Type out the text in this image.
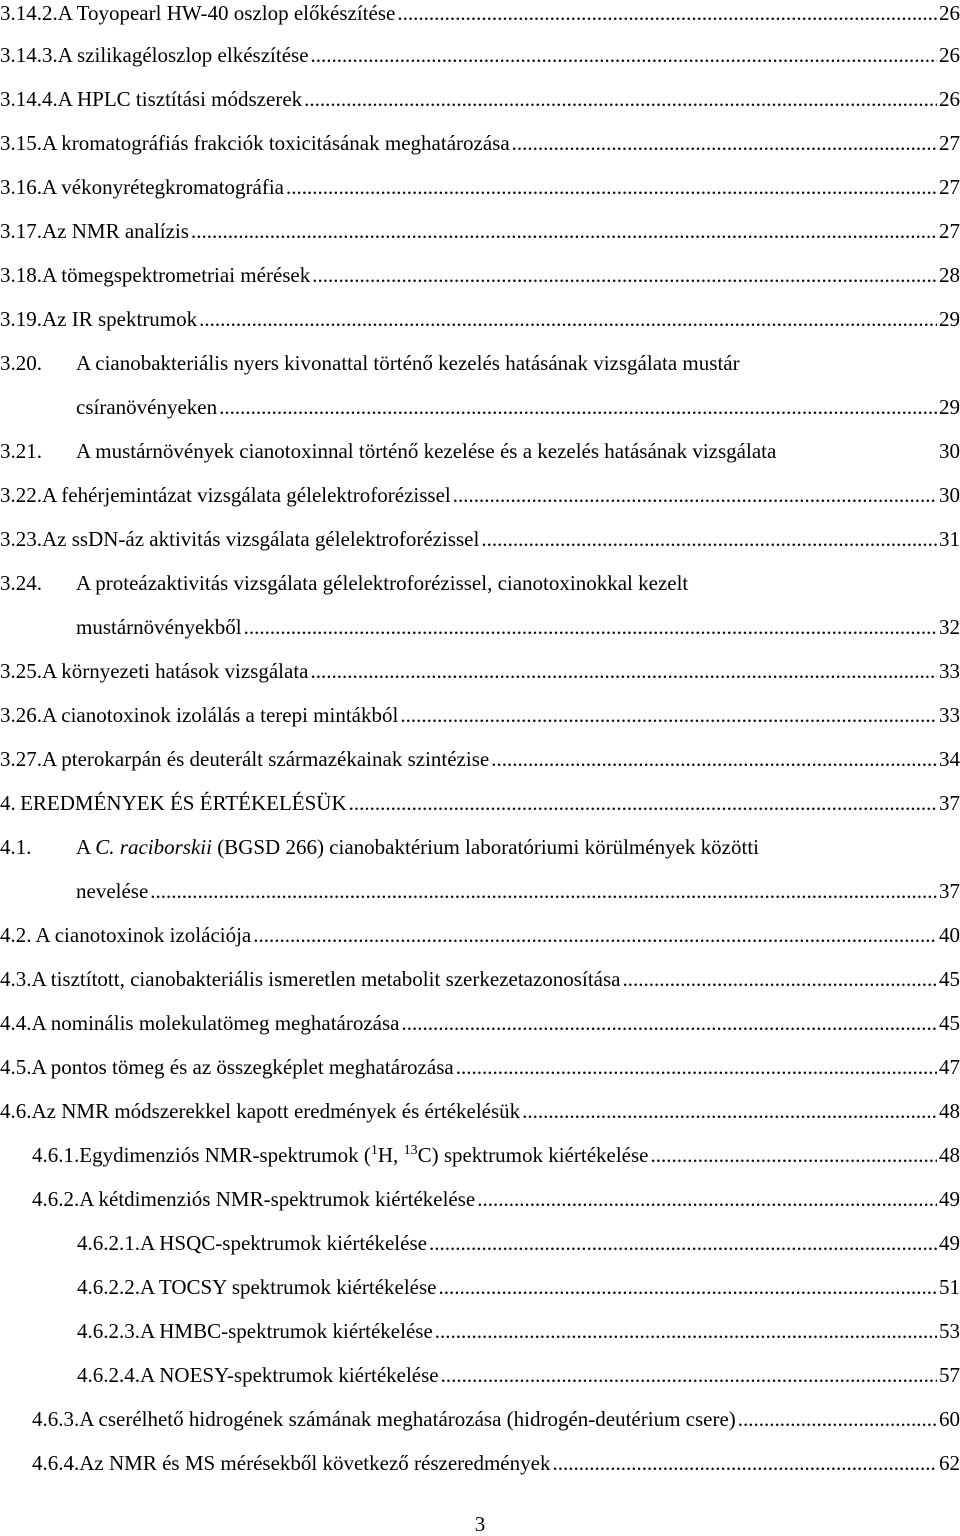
3.14.2. A Toyopearl HW-40 oszlop előkészítése .....	26
3.14.3. A szilikagéloszlop elkészítése .....	26
3.14.4. A HPLC tisztítási módszerek .....	26
3.15. A kromatográfiás frakciók toxicitásának meghatározása .....	27
3.16. A vékonyrétegkromatográfia .....	27
3.17. Az NMR analízis .....	27
3.18. A tömegspektrometriai mérések .....	28
3.19. Az IR spektrumok .....	29
3.20.	A cianobakteriális nyers kivonattal történő kezelés hatásának vizsgálata mustár
csíranövényeken .....	29
3.21.	A mustárnövények cianotoxinnal történő kezelése és a kezelés hatásának vizsgálata	30
3.22. A fehérjemintázat vizsgálata gélelektroforézissel .....	30
3.23. Az ssDN-áz aktivitás vizsgálata gélelektroforézissel .....	31
3.24.	A proteázaktivitás vizsgálata gélelektroforézissel, cianotoxinokkal kezelt
mustárnövényekből .....	32
3.25. A környezeti hatások vizsgálata .....	33
3.26. A cianotoxinok izolálás a terepi mintákból .....	33
3.27. A pterokarpán és deuterált származékainak szintézise .....	34
4. EREDMÉNYEK ÉS ÉRTÉKELÉSÜK .....	37
4.1.	A C. raciborskii (BGSD 266) cianobaktérium laboratóriumi körülmények közötti
nevelése .....	37
4.2. A cianotoxinok izolációja .....	40
4.3. A tisztított, cianobakteriális ismeretlen metabolit szerkezetazonosítása .....	45
4.4. A nominális molekulatömeg meghatározása .....	45
4.5. A pontos tömeg és az összegképlet meghatározása .....	47
4.6. Az NMR módszerekkel kapott eredmények és értékelésük .....	48
4.6.1. Egydimenziós NMR-spektrumok ($^1$H, $^{13}$C) spektrumok kiértékelése .....	48
4.6.2. A kétdimenziós NMR-spektrumok kiértékelése .....	49
4.6.2.1. A HSQC-spektrumok kiértékelése .....	49
4.6.2.2. A TOCSY spektrumok kiértékelése .....	51
4.6.2.3. A HMBC-spektrumok kiértékelése .....	53
4.6.2.4. A NOESY-spektrumok kiértékelése .....	57
4.6.3. A cserélhető hidrogének számának meghatározása (hidrogén-deutérium csere) .....	60
4.6.4. Az NMR és MS mérésekből következő részeredmények .....	62
3
